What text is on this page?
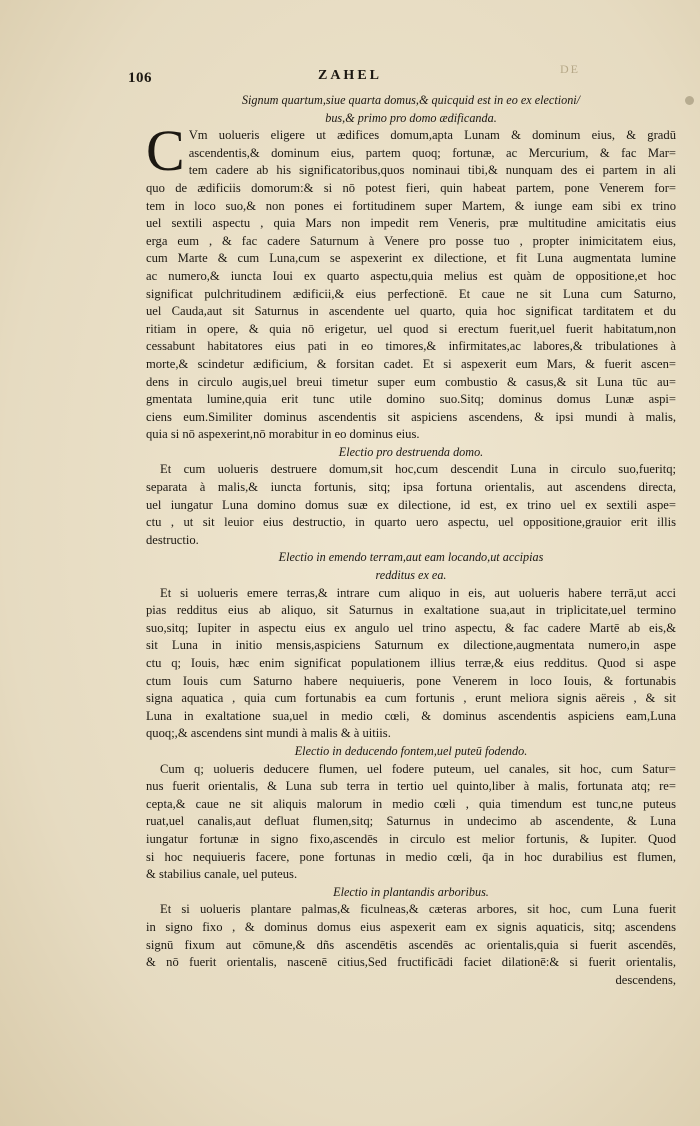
106	ZAHEL	DE
Signum quartum,siue quarta domus,& quicquid est in eo ex electioni/
bus,& primo pro domo ædificanda.
C Vm uolueris eligere ut ædifices domum,apta Lunam & dominum eius, & gradū
ascendentis,& dominum eius, partem quoq; fortunæ, ac Mercurium, & fac Mar=
tem cadere ab his significatoribus,quos nominaui tibi,& nunquam des ei partem in ali
quo de ædificiis domorum:& si nō potest fieri, quin habeat partem, pone Venerem for=
tem in loco suo,& non pones ei fortitudinem super Martem, & iunge eam sibi ex trino
uel sextili aspectu , quia Mars non impedit rem Veneris, præ multitudine amicitatis eius
erga eum , & fac cadere Saturnum à Venere pro posse tuo , propter inimicitatem eius,
cum Marte & cum Luna,cum se aspexerint ex dilectione, et fit Luna augmentata lumine
ac numero,& iuncta Ioui ex quarto aspectu,quia melius est quàm de oppositione,et hoc
significat pulchritudinem ædificii,& eius perfectionē. Et caue ne sit Luna cum Saturno,
uel Cauda,aut sit Saturnus in ascendente uel quarto, quia hoc significat tarditatem et du
ritiam in opere, & quia nō erigetur, uel quod si erectum fuerit,uel fuerit habitatum,non
cessabunt habitatores eius pati in eo timores,& infirmitates,ac labores,& tribulationes à
morte,& scindetur ædificium, & forsitan cadet. Et si aspexerit eum Mars, & fuerit ascen=
dens in circulo augis,uel breui timetur super eum combustio & casus,& sit Luna tūc au=
gmentata lumine,quia erit tunc utile domino suo.Sitq; dominus domus Lunæ aspi=
ciens eum.Similiter dominus ascendentis sit aspiciens ascendens, & ipsi mundi à malis,
quia si nō aspexerint,nō morabitur in eo dominus eius.
Electio pro destruenda domo.
Et cum uolueris destruere domum,sit hoc,cum descendit Luna in circulo suo,fueritq;
separata à malis,& iuncta fortunis, sitq; ipsa fortuna orientalis, aut ascendens directa,
uel iungatur Luna domino domus suæ ex dilectione, id est, ex trino uel ex sextili aspe=
ctu , ut sit leuior eius destructio, in quarto uero aspectu, uel oppositione,grauior erit illis
destructio.
Electio in emendo terram,aut eam locando,ut accipias
redditus ex ea.
Et si uolueris emere terras,& intrare cum aliquo in eis, aut uolueris habere terrā,ut acci
pias redditus eius ab aliquo, sit Saturnus in exaltatione sua,aut in triplicitate,uel termino
suo,sitq; Iupiter in aspectu eius ex angulo uel trino aspectu, & fac cadere Martē ab eis,&
sit Luna in initio mensis,aspiciens Saturnum ex dilectione,augmentata numero,in aspe
ctu q; Iouis, hæc enim significat populationem illius terræ,& eius redditus. Quod si aspe
ctum Iouis cum Saturno habere nequiueris, pone Venerem in loco Iouis, & fortunabis
signa aquatica , quia cum fortunabis ea cum fortunis , erunt meliora signis aëreis , & sit
Luna in exaltatione sua,uel in medio cœli, & dominus ascendentis aspiciens eam,Luna
quoq;,& ascendens sint mundi à malis & à uitiis.
Electio in deducendo fontem,uel puteū fodendo.
Cum q; uolueris deducere flumen, uel fodere puteum, uel canales, sit hoc, cum Satur=
nus fuerit orientalis, & Luna sub terra in tertio uel quinto,liber à malis, fortunata atq; re=
cepta,& caue ne sit aliquis malorum in medio cœli , quia timendum est tunc,ne puteus
ruat,uel canalis,aut defluat flumen,sitq; Saturnus in undecimo ab ascendente, & Luna
iungatur fortunæ in signo fixo,ascendēs in circulo est melior fortunis, & Iupiter. Quod
si hoc nequiueris facere, pone fortunas in medio cœli, q̄a in hoc durabilius est flumen,
& stabilius canale, uel puteus.
Electio in plantandis arboribus.
Et si uolueris plantare palmas,& ficulneas,& cæteras arbores, sit hoc, cum Luna fuerit
in signo fixo , & dominus domus eius aspexerit eam ex signis aquaticis, sitq; ascendens
signū fixum aut cōmune,& dñs ascendētis ascendēs ac orientalis,quia si fuerit ascendēs,
& nō fuerit orientalis, nascenē citius,Sed fructificādi faciet dilationē:& si fuerit orientalis,
descendens,
